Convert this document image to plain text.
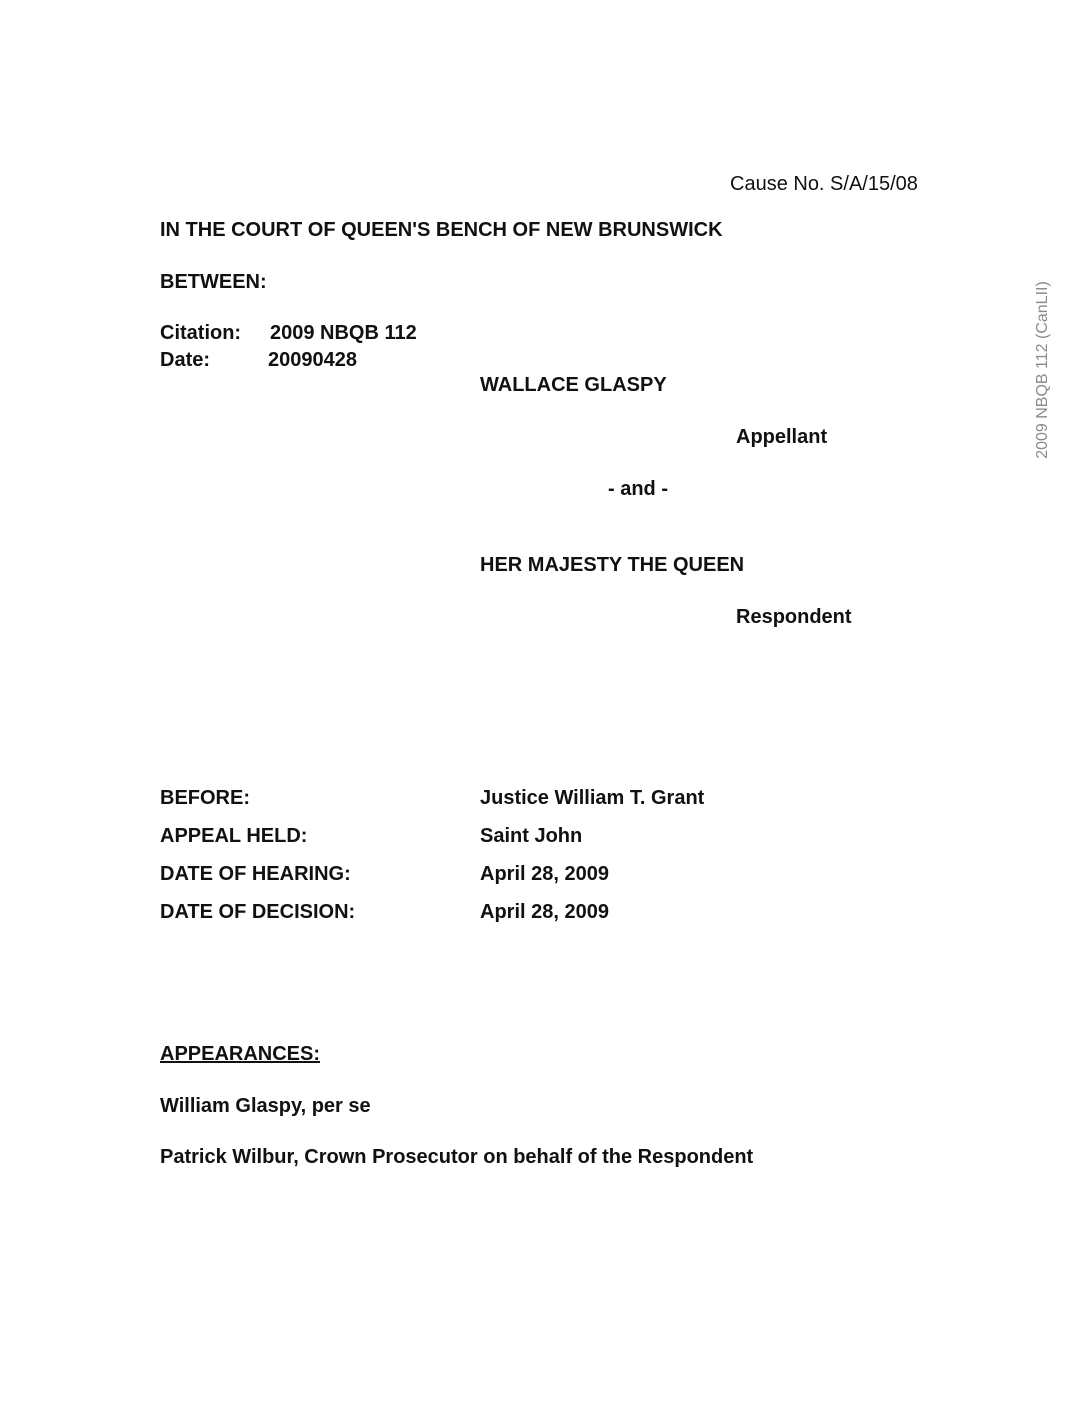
Cause No. S/A/15/08
IN THE COURT OF QUEEN'S BENCH OF NEW BRUNSWICK
BETWEEN:
Citation: 2009 NBQB 112
Date:	20090428
WALLACE GLASPY
Appellant
- and -
HER MAJESTY THE QUEEN
Respondent
BEFORE:	Justice William T. Grant
APPEAL HELD:	Saint John
DATE OF HEARING:	April 28, 2009
DATE OF DECISION:	April 28, 2009
APPEARANCES:
William Glaspy, per se
Patrick Wilbur, Crown Prosecutor on behalf of the Respondent
2009 NBQB 112 (CanLII)
